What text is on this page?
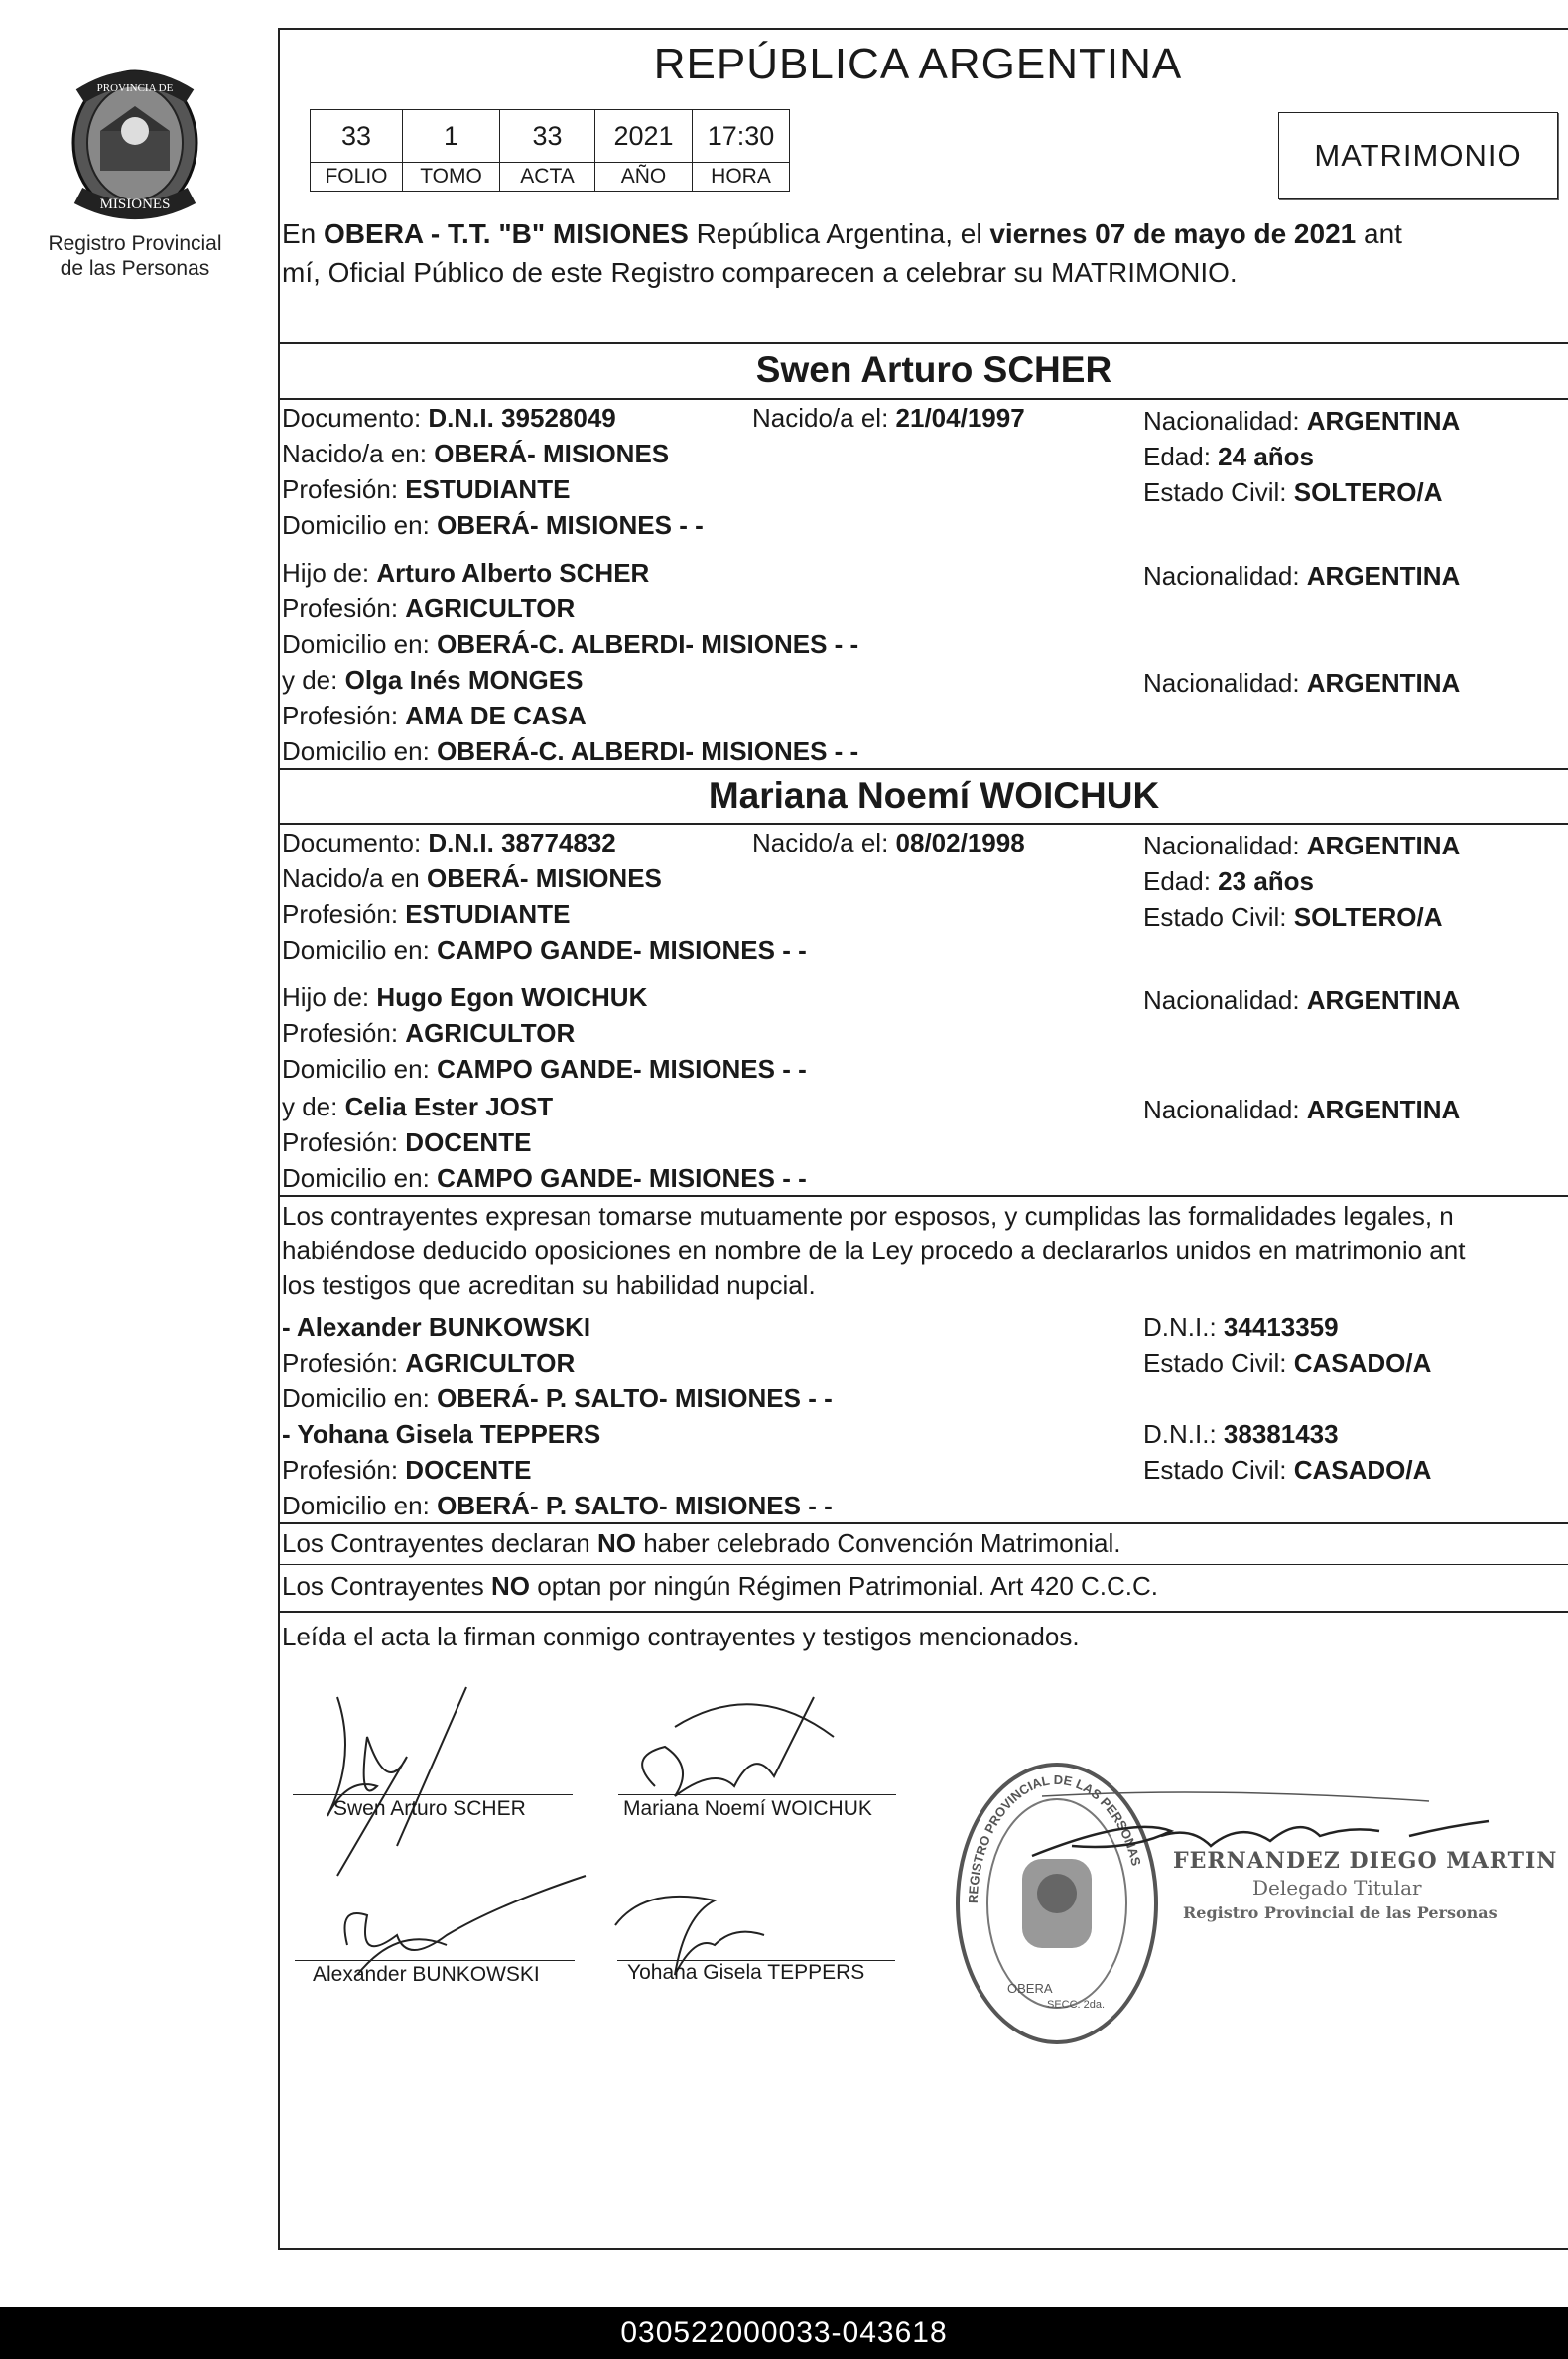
PROVINCIA DE
MISIONES
Registro Provincial
de las Personas
REPÚBLICA ARGENTINA
33	1	33	2021	17:30
FOLIO	TOMO	ACTA	AÑO	HORA
MATRIMONIO
En OBERA - T.T. "B" MISIONES República Argentina, el viernes 07 de mayo de 2021 ant
mí, Oficial Público de este Registro comparecen a celebrar su MATRIMONIO.
Swen Arturo SCHER
Documento: D.N.I. 39528049	Nacido/a el: 21/04/1997	Nacionalidad: ARGENTINA
Nacido/a en: OBERÁ- MISIONES	Edad: 24 años
Profesión: ESTUDIANTE	Estado Civil: SOLTERO/A
Domicilio en: OBERÁ- MISIONES - -
Hijo de: Arturo Alberto SCHER	Nacionalidad: ARGENTINA
Profesión: AGRICULTOR
Domicilio en: OBERÁ-C. ALBERDI- MISIONES - -
y de: Olga Inés MONGES	Nacionalidad: ARGENTINA
Profesión: AMA DE CASA
Domicilio en: OBERÁ-C. ALBERDI- MISIONES - -
Mariana Noemí WOICHUK
Documento: D.N.I. 38774832	Nacido/a el: 08/02/1998	Nacionalidad: ARGENTINA
Nacido/a en OBERÁ- MISIONES	Edad: 23 años
Profesión: ESTUDIANTE	Estado Civil: SOLTERO/A
Domicilio en: CAMPO GANDE- MISIONES - -
Hijo de: Hugo Egon WOICHUK	Nacionalidad: ARGENTINA
Profesión: AGRICULTOR
Domicilio en: CAMPO GANDE- MISIONES - -
y de: Celia Ester JOST	Nacionalidad: ARGENTINA
Profesión: DOCENTE
Domicilio en: CAMPO GANDE- MISIONES - -
Los contrayentes expresan tomarse mutuamente por esposos, y cumplidas las formalidades legales, n
habiéndose deducido oposiciones en nombre de la Ley procedo a declararlos unidos en matrimonio ant
los testigos que acreditan su habilidad nupcial.
- Alexander BUNKOWSKI	D.N.I.: 34413359
Profesión: AGRICULTOR	Estado Civil: CASADO/A
Domicilio en: OBERÁ- P. SALTO- MISIONES - -
- Yohana Gisela TEPPERS	D.N.I.: 38381433
Profesión: DOCENTE	Estado Civil: CASADO/A
Domicilio en: OBERÁ- P. SALTO- MISIONES - -
Los Contrayentes declaran NO haber celebrado Convención Matrimonial.
Los Contrayentes NO optan por ningún Régimen Patrimonial. Art 420 C.C.C.
Leída el acta la firman conmigo contrayentes y testigos mencionados.
Swen Arturo SCHER	Mariana Noemí WOICHUK
Alexander BUNKOWSKI	Yohana Gisela TEPPERS
REGISTRO PROVINCIAL DE LAS PERSONAS
OBERA
SECC. 2da.
FERNANDEZ DIEGO MARTIN
Delegado Titular
Registro Provincial de las Personas
030522000033-043618
